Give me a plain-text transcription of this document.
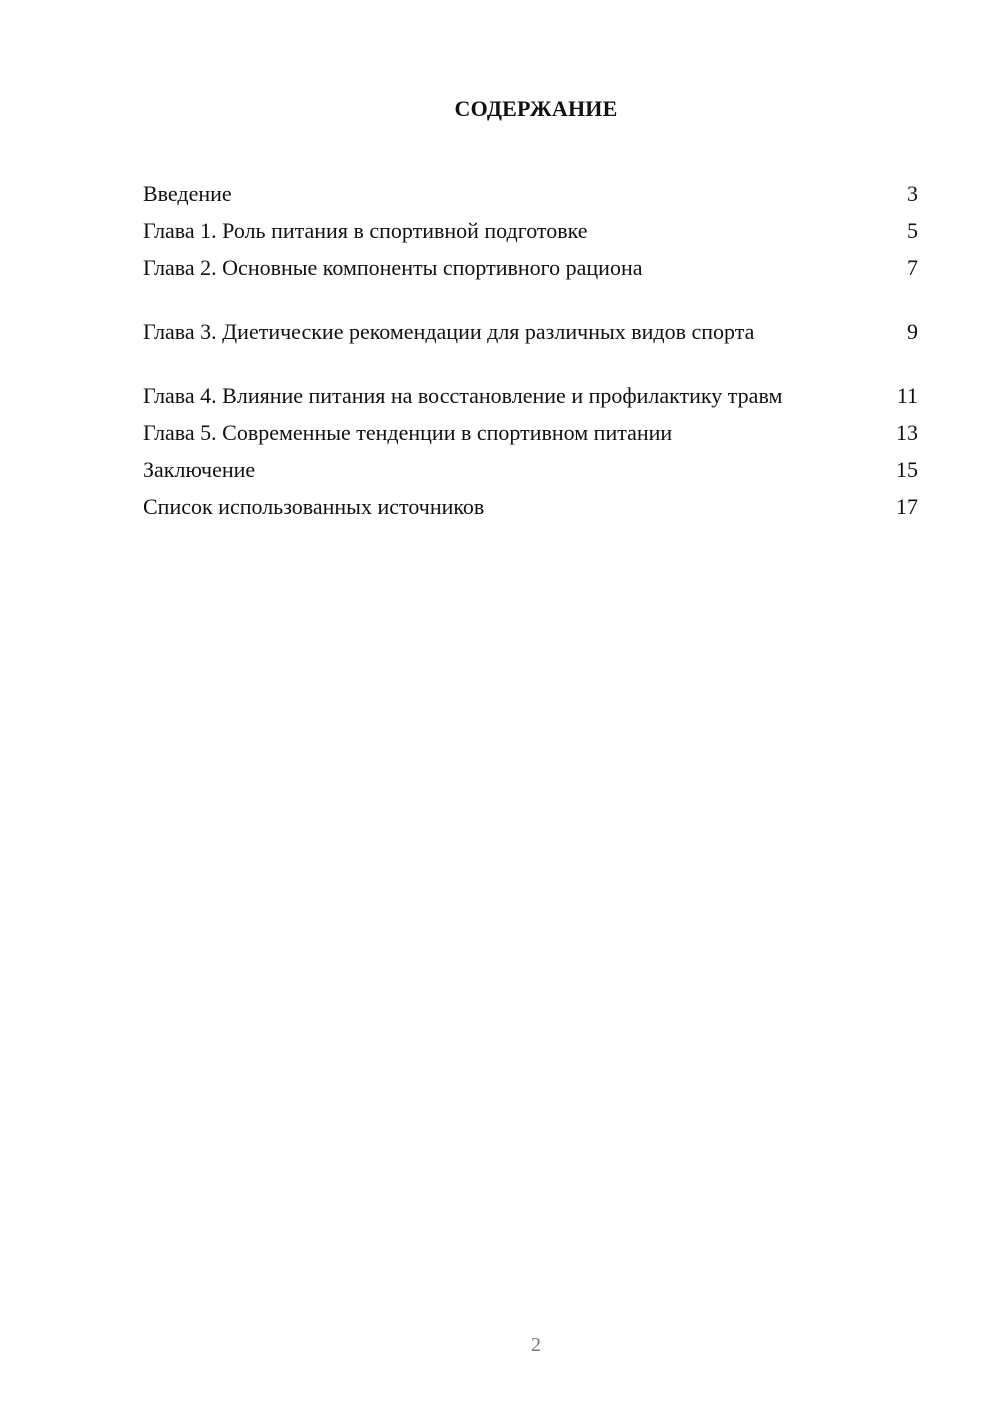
СОДЕРЖАНИЕ
Введение	3
Глава 1. Роль питания в спортивной подготовке	5
Глава 2. Основные компоненты спортивного рациона	7
Глава 3. Диетические рекомендации для различных видов спорта	9
Глава 4. Влияние питания на восстановление и профилактику травм	11
Глава 5. Современные тенденции в спортивном питании	13
Заключение	15
Список использованных источников	17
2
